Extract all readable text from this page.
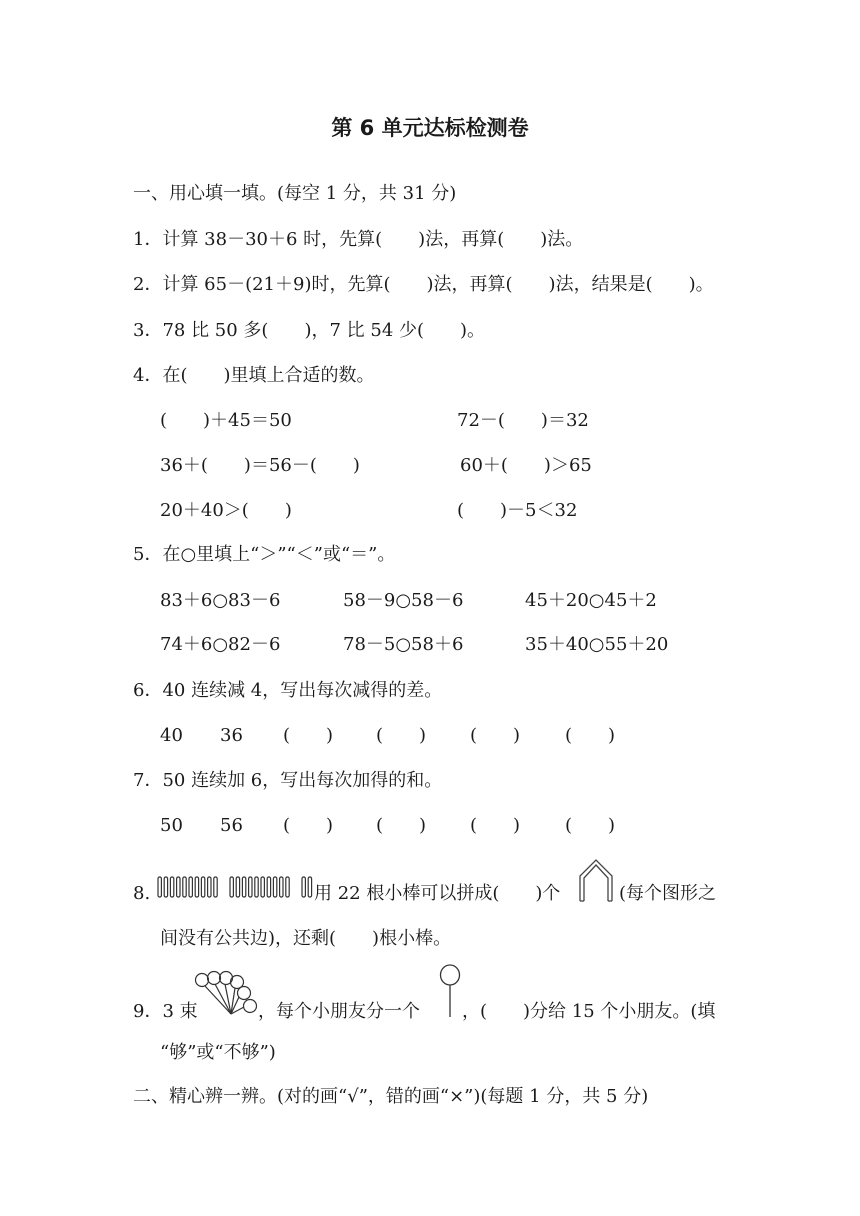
第 6 单元达标检测卷
一、用心填一填。(每空 1 分，共 31 分)
1．计算 38－30＋6 时，先算(　　)法，再算(　　)法。
2．计算 65－(21＋9)时，先算(　　)法，再算(　　)法，结果是(　　)。
3．78 比 50 多(　　)，7 比 54 少(　　)。
4．在(　　)里填上合适的数。
(　　)＋45＝50	72－(　　)＝32
36＋(　　)＝56－(　　)	60＋(　　)＞65
20＋40＞(　　)	(　　)－5＜32
5．在○里填上“＞”“＜”或“＝”。
83＋6○83－6	58－9○58－6	45＋20○45＋2
74＋6○82－6	78－5○58＋6	35＋40○55＋20
6．40 连续减 4，写出每次减得的差。
40 36 (　　) (　　) (　　) (　　)
7．50 连续加 6，写出每次加得的和。
50 56 (　　) (　　) (　　) (　　)
8.	用 22 根小棒可以拼成(　　)个	(每个图形之
间没有公共边)，还剩(　　)根小棒。
9．3 束	，每个小朋友分一个 ，(　　)分给 15 个小朋友。(填
“够”或“不够”)
二、精心辨一辨。(对的画“√”，错的画“×”)(每题 1 分，共 5 分)
